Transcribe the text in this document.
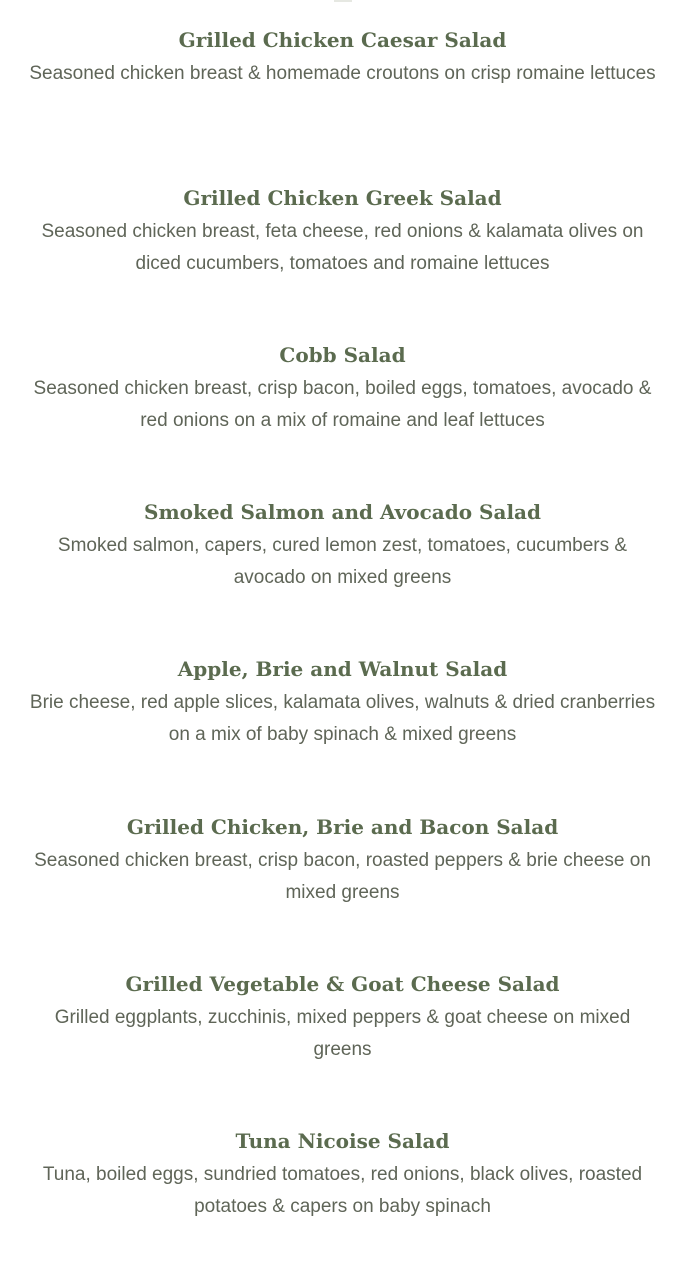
Grilled Chicken Caesar Salad

Seasoned chicken breast & homemade croutons on crisp romaine lettuces

Grilled Chicken Greek Salad

Seasoned chicken breast, feta cheese, red onions & kalamata olives on diced cucumbers, tomatoes and romaine lettuces

Cobb Salad

Seasoned chicken breast, crisp bacon, boiled eggs, tomatoes, avocado & red onions on a mix of romaine and leaf lettuces

Smoked Salmon and Avocado Salad

Smoked salmon, capers, cured lemon zest, tomatoes, cucumbers & avocado on mixed greens

Apple, Brie and Walnut Salad

Brie cheese, red apple slices, kalamata olives, walnuts & dried cranberries on a mix of baby spinach & mixed greens

Grilled Chicken, Brie and Bacon Salad

Seasoned chicken breast, crisp bacon, roasted peppers & brie cheese on mixed greens

Grilled Vegetable & Goat Cheese Salad

Grilled eggplants, zucchinis, mixed peppers & goat cheese on mixed greens

Tuna Nicoise Salad

Tuna, boiled eggs, sundried tomatoes, red onions, black olives, roasted potatoes & capers on baby spinach
